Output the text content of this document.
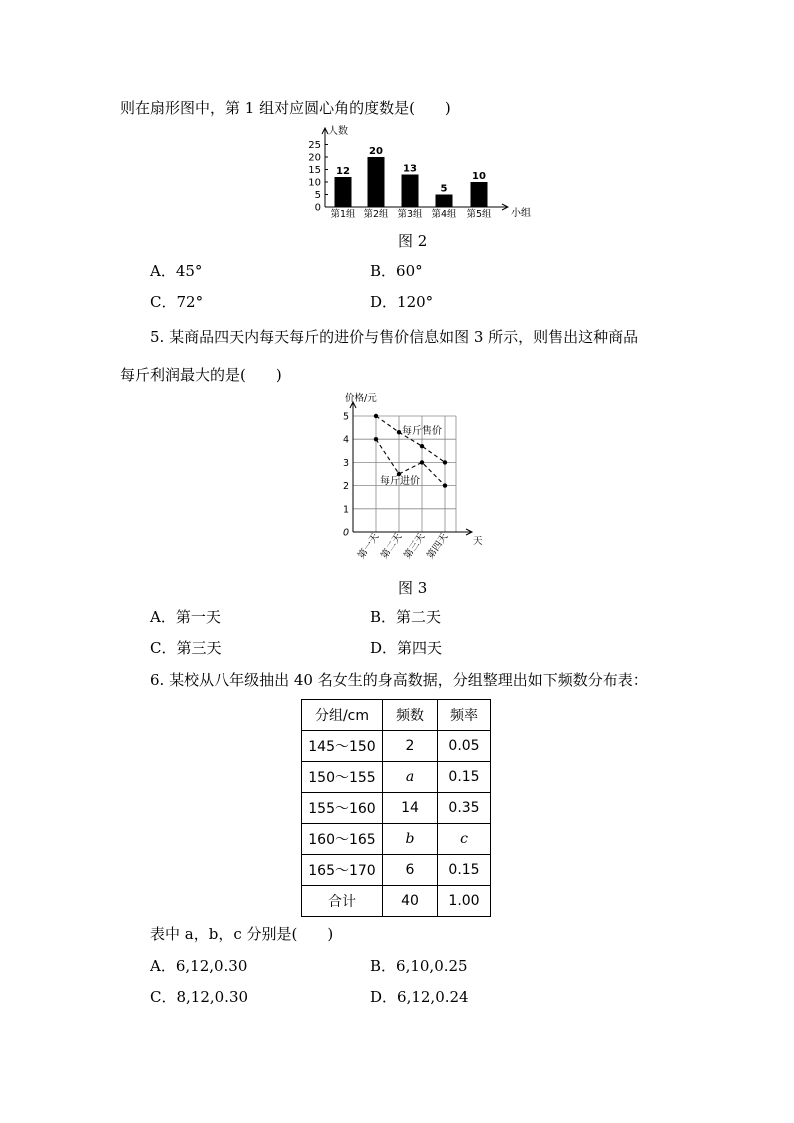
则在扇形图中，第 1 组对应圆心角的度数是(　　)
0
5
10
15
20
25
人数
小组
12
第1组
20
第2组
13
第3组
5
第4组
10
第5组
图 2
A．45°	B．60°
C．72°	D．120°
5. 某商品四天内每天每斤的进价与售价信息如图 3 所示，则售出这种商品
每斤利润最大的是(　　)
0
1
2
3
4
5
价格/元
天
第一天
第二天
第三天
第四天
每斤售价
每斤进价
图 3
A．第一天	B．第二天
C．第三天	D．第四天
6. 某校从八年级抽出 40 名女生的身高数据，分组整理出如下频数分布表：
分组/cm	频数	频率
145～150	2	0.05
150～155	a	0.15
155～160	14	0.35
160～165	b	c
165～170	6	0.15
合计	40	1.00
表中 a，b，c 分别是(　　)
A．6,12,0.30	B．6,10,0.25
C．8,12,0.30	D．6,12,0.24
